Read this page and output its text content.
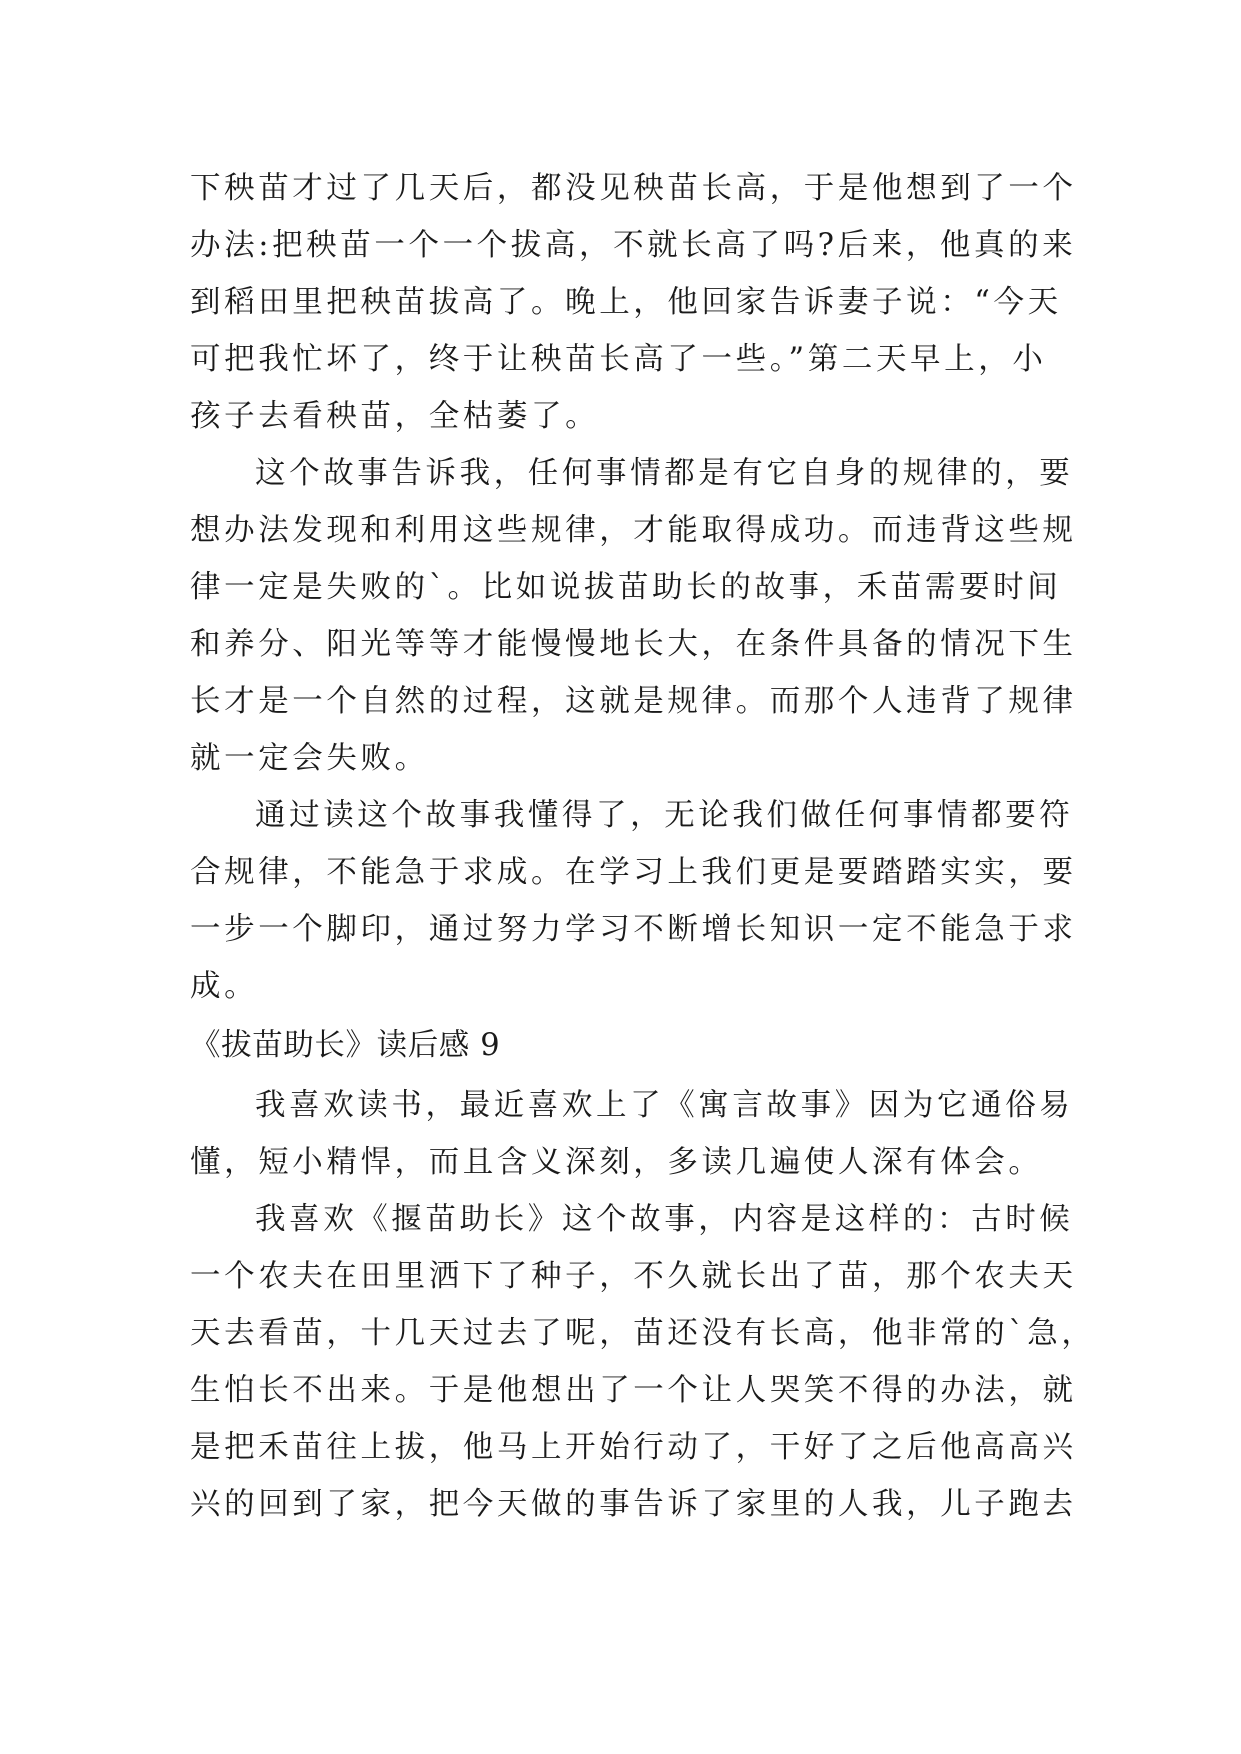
下秧苗才过了几天后，都没见秧苗长高，于是他想到了一个
办法:把秧苗一个一个拔高，不就长高了吗?后来，他真的来
到稻田里把秧苗拔高了。晚上，他回家告诉妻子说：“今天
可把我忙坏了，终于让秧苗长高了一些。”第二天早上，小
孩子去看秧苗，全枯萎了。
这个故事告诉我，任何事情都是有它自身的规律的，要
想办法发现和利用这些规律，才能取得成功。而违背这些规
律一定是失败的`。比如说拔苗助长的故事，禾苗需要时间
和养分、阳光等等才能慢慢地长大，在条件具备的情况下生
长才是一个自然的过程，这就是规律。而那个人违背了规律
就一定会失败。
通过读这个故事我懂得了，无论我们做任何事情都要符
合规律，不能急于求成。在学习上我们更是要踏踏实实，要
一步一个脚印，通过努力学习不断增长知识一定不能急于求
成。
《拔苗助长》读后感 9
我喜欢读书，最近喜欢上了《寓言故事》因为它通俗易
懂，短小精悍，而且含义深刻，多读几遍使人深有体会。
我喜欢《揠苗助长》这个故事，内容是这样的：古时候
一个农夫在田里洒下了种子，不久就长出了苗，那个农夫天
天去看苗，十几天过去了呢，苗还没有长高，他非常的`急，
生怕长不出来。于是他想出了一个让人哭笑不得的办法，就
是把禾苗往上拔，他马上开始行动了，干好了之后他高高兴
兴的回到了家，把今天做的事告诉了家里的人我，儿子跑去
